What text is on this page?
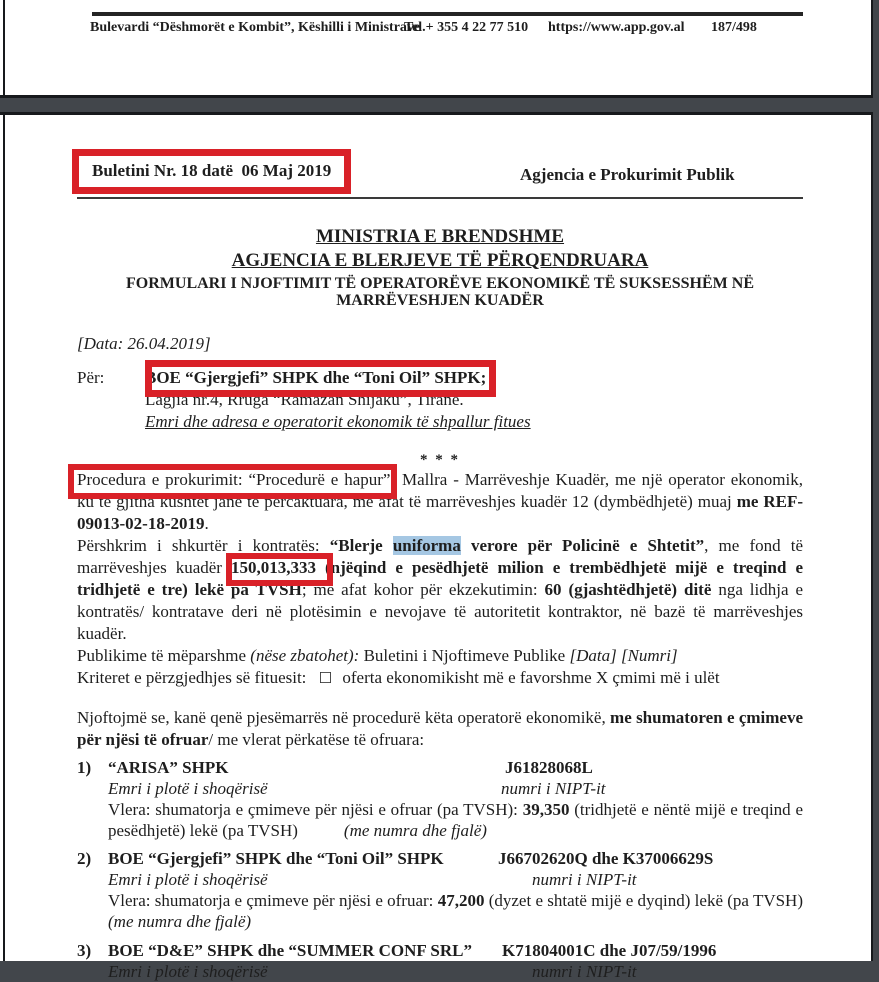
Bulevardi “Dëshmorët e Kombit”, Këshilli i Ministrave
Tel.+ 355 4 22 77 510 https://www.app.gov.al 187/498
Buletini Nr. 18 datë  06 Maj 2019	Agjencia e Prokurimit Publik
MINISTRIA E BRENDSHME
AGJENCIA E BLERJEVE TË PËRQENDRUARA
FORMULARI I NJOFTIMIT TË OPERATORËVE EKONOMIKË TË SUKSESSHËM NË
MARRËVESHJEN KUADËR
[Data: 26.04.2019]
Për:	BOE “Gjergjefi” SHPK dhe “Toni Oil” SHPK;
Lagjia nr.4, Rruga “Ramazan Shijaku”, Tiranë.
Emri dhe adresa e operatorit ekonomik të shpallur fitues
* * *

Procedura e prokurimit: “Procedurë e hapur”- Mallra - Marrëveshje Kuadër, me një operator ekonomik, ku të gjitha kushtet janë të përcaktuara, me afat të marrëveshjes kuadër 12 (dymbëdhjetë) muaj me REF-09013-02-18-2019.

Përshkrim i shkurtër i kontratës: “Blerje uniforma verore për Policinë e Shtetit”, me fond të marrëveshjes kuadër 150,013,333 (njëqind e pesëdhjetë milion e trembëdhjetë mijë e treqind e tridhjetë e tre) lekë pa TVSH; me afat kohor për ekzekutimin: 60 (gjashtëdhjetë) ditë nga lidhja e kontratës/ kontratave deri në plotësimin e nevojave të autoritetit kontraktor, në bazë të marrëveshjes kuadër.

Publikime të mëparshme (nëse zbatohet): Buletini i Njoftimeve Publike [Data] [Numri]

Kriteret e përzgjedhjes së fituesit: ☐ oferta ekonomikisht më e favorshme X çmimi më i ulët

Njoftojmë se, kanë qenë pjesëmarrës në procedurë këta operatorë ekonomikë, me shumatoren e çmimeve për njësi të ofruar/ me vlerat përkatëse të ofruara:

1) “ARISA” SHPK	J61828068L
Emri i plotë i shoqërisë	numri i NIPT-it

Vlera: shumatorja e çmimeve për njësi e ofruar (pa TVSH): 39,350 (tridhjetë e nëntë mijë e treqind e pesëdhjetë) lekë (pa TVSH)	(me numra dhe fjalë)

2) BOE “Gjergjefi” SHPK dhe “Toni Oil” SHPK	J66702620Q dhe K37006629S
Emri i plotë i shoqërisë	numri i NIPT-it

Vlera: shumatorja e çmimeve për njësi e ofruar: 47,200 (dyzet e shtatë mijë e dyqind) lekë (pa TVSH) (me numra dhe fjalë)

3) BOE “D&E” SHPK dhe “SUMMER CONF SRL” K71804001C dhe J07/59/1996
Emri i plotë i shoqërisë	numri i NIPT-it
